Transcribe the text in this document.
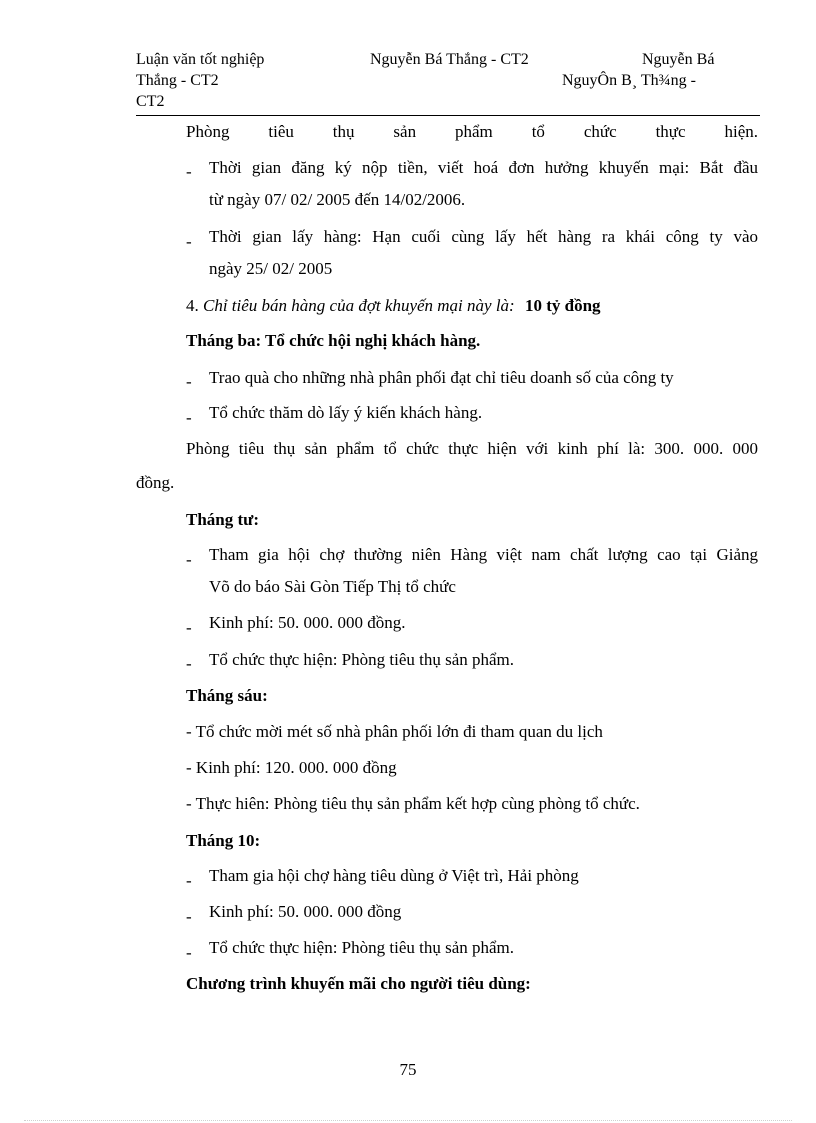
Luận văn tốt nghiệp	Nguyễn Bá Thắng - CT2	Nguyễn Bá
Thắng - CT2	NguyÔn B¸ Th¾ng -
CT2
Phòng tiêu thụ sản phẩm tổ chức thực hiện.
- Thời gian đăng ký nộp tiền, viết hoá đơn hưởng khuyến mại: Bắt đầu
từ ngày 07/ 02/ 2005 đến 14/02/2006.
- Thời gian lấy hàng: Hạn cuối cùng lấy hết hàng ra khái công ty vào
ngày 25/ 02/ 2005
4. Chỉ tiêu bán hàng của đợt khuyến mại này là: 10 tỷ đồng
Tháng ba: Tổ chức hội nghị khách hàng.
- Trao quà cho những nhà phân phối đạt chỉ tiêu doanh số của công ty
- Tổ chức thăm dò lấy ý kiến khách hàng.
Phòng tiêu thụ sản phẩm tổ chức thực hiện với kinh phí là: 300. 000. 000
đồng.
Tháng tư:
- Tham gia hội chợ thường niên Hàng việt nam chất lượng cao tại Giảng
Võ do báo Sài Gòn Tiếp Thị tổ chức
- Kinh phí: 50. 000. 000 đồng.
- Tổ chức thực hiện: Phòng tiêu thụ sản phẩm.
Tháng sáu:
- Tổ chức mời mét số nhà phân phối lớn đi tham quan du lịch
- Kinh phí: 120. 000. 000 đồng
- Thực hiên: Phòng tiêu thụ sản phẩm kết hợp cùng phòng tổ chức.
Tháng 10:
- Tham gia hội chợ hàng tiêu dùng ở Việt trì, Hải phòng
- Kinh phí: 50. 000. 000 đồng
- Tổ chức thực hiện: Phòng tiêu thụ sản phẩm.
Chương trình khuyến mãi cho người tiêu dùng:
75
